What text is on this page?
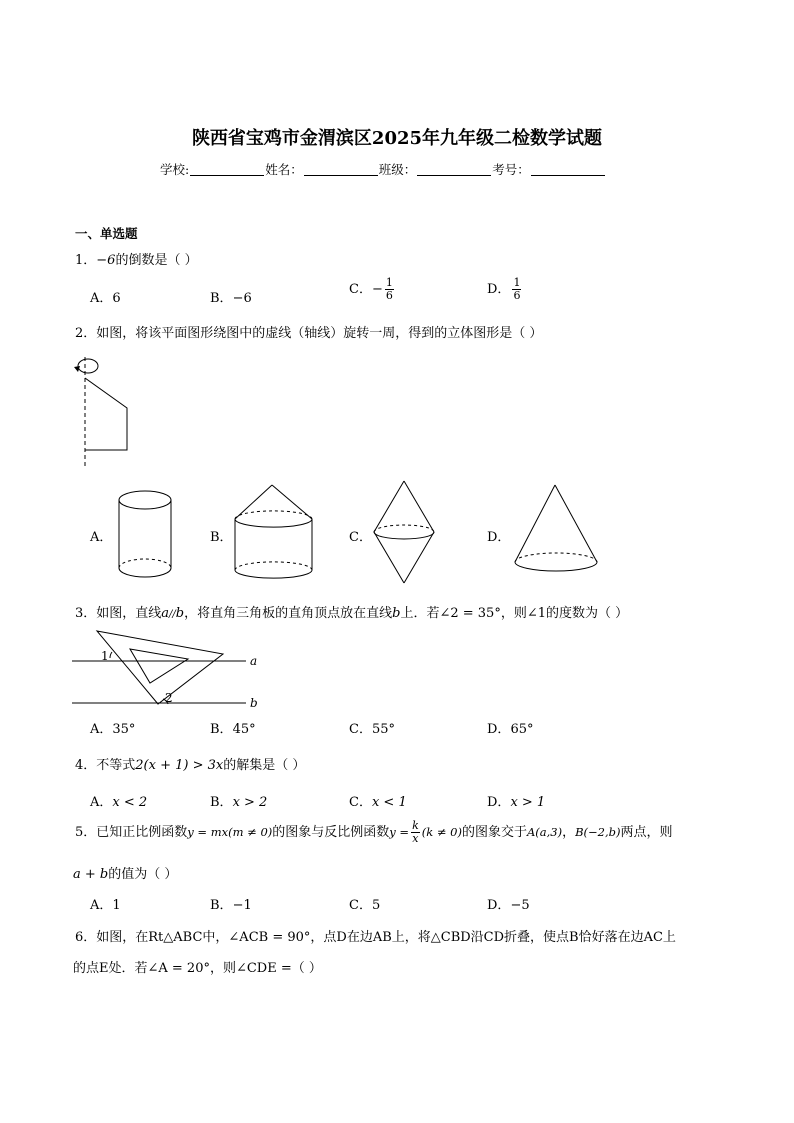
陕西省宝鸡市金渭滨区2025年九年级二检数学试题
学校:	姓名：	班级：	考号：
一、单选题
1．−6的倒数是（ ）
A．6	B．−6
C．− $\frac{1}{6}$	D． $\frac{1}{6}$
2．如图，将该平面图形绕图中的虚线（轴线）旋转一周，得到的立体图形是（ ）
A．	B．	C．	D．
3．如图，直线a//b，将直角三角板的直角顶点放在直线b上．若∠2 = 35°，则∠1的度数为（ ）
1
2
a
b
A．35°	B．45°	C．55°	D．65°
4．不等式2(x + 1) > 3x的解集是（ ）
A．x < 2	B．x > 2	C．x < 1	D．x > 1
5．已知正比例函数y = mx(m ≠ 0)的图象与反比例函数$y = \frac{k}{x} (k \ne 0)$的图象交于A(a,3)，B(−2,b)两点，则
a + b的值为（ ）
A．1	B．−1	C．5	D．−5
6．如图，在Rt△ABC中，∠ACB = 90°，点D在边AB上，将△CBD沿CD折叠，使点B恰好落在边AC上
的点E处．若∠A = 20°，则∠CDE =（ ）
